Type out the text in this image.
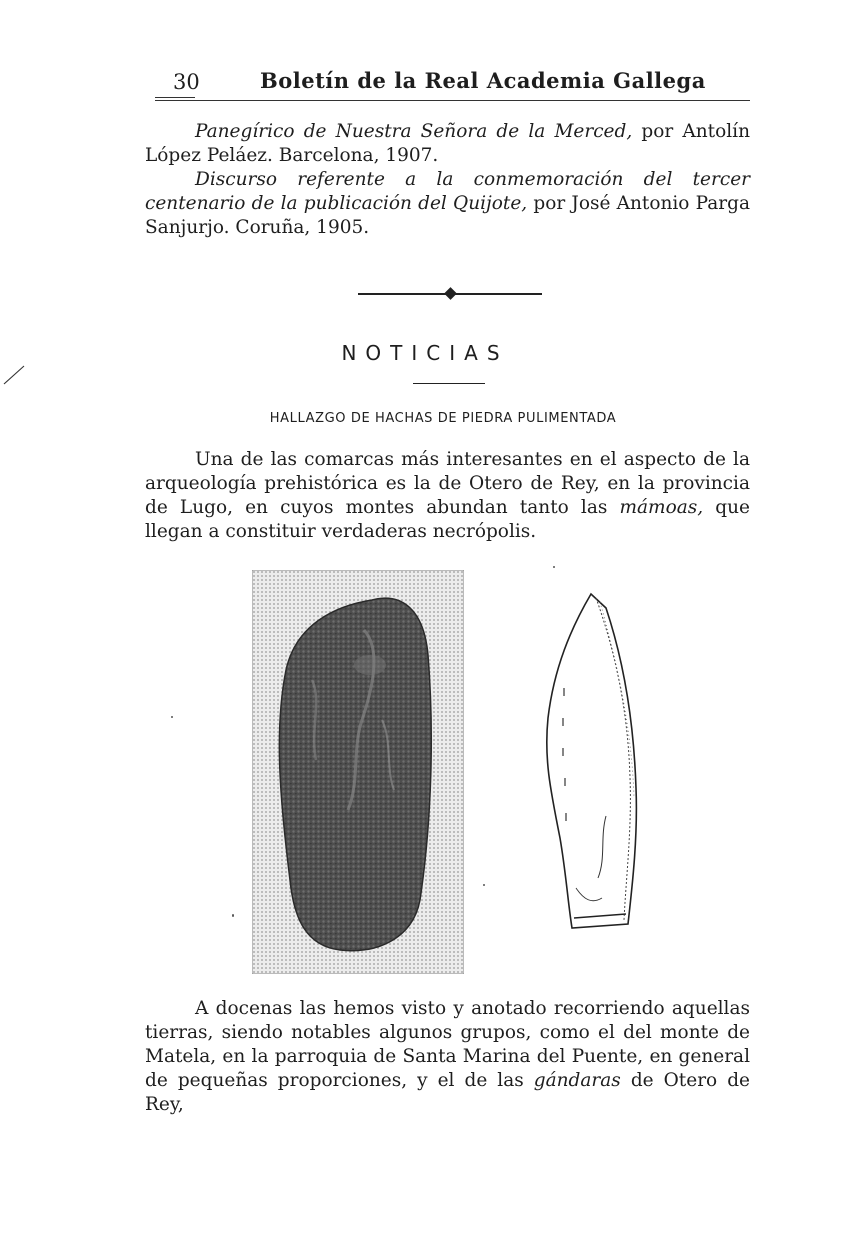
30	Boletín de la Real Academia Gallega

Panegírico de Nuestra Señora de la Merced, por Antolín López Peláez. Barcelona, 1907.

Discurso referente a la conmemoración del tercer centenario de la publicación del Quijote, por José Antonio Parga Sanjurjo. Coruña, 1905.

NOTICIAS
HALLAZGO DE HACHAS DE PIEDRA PULIMENTADA

Una de las comarcas más interesantes en el aspecto de la arqueología prehistórica es la de Otero de Rey, en la provincia de Lugo, en cuyos montes abundan tanto las mámoas, que llegan a constituir verdaderas necrópolis.

A docenas las hemos visto y anotado recorriendo aquellas tierras, siendo notables algunos grupos, como el del monte de Matela, en la parroquia de Santa Marina del Puente, en general de pequeñas proporciones, y el de las gándaras de Otero de Rey,
